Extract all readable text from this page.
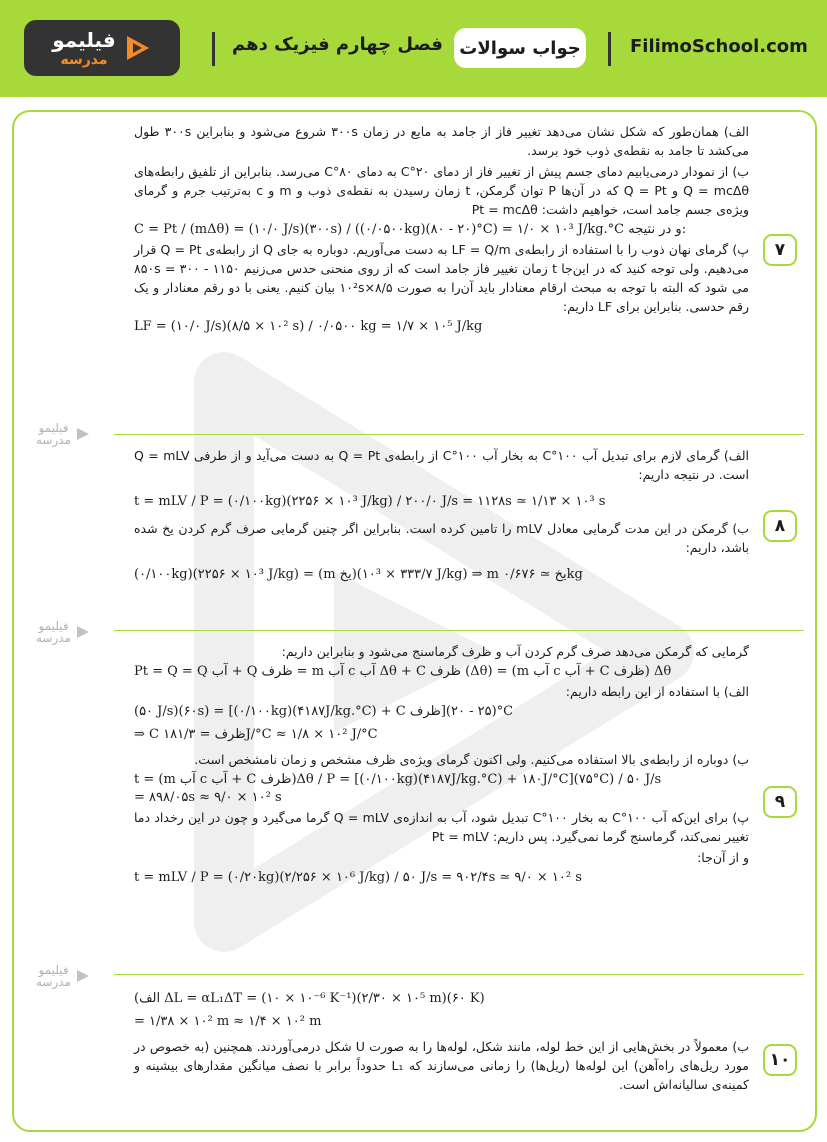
فیلیمو
مدرسه
فصل چهارم فیزیک دهم جواب سوالات	FilimoSchool.com
فیلیمو
مدرسه
فیلیمو
مدرسه
فیلیمو
مدرسه
۷
الف) همان‌طور که شکل نشان می‌دهد تغییر فاز از جامد به مایع در زمان ۳۰۰s شروع می‌شود و بنابراین ۳۰۰s طول می‌کشد تا جامد به نقطه‌ی ذوب خود برسد.
ب) از نمودار درمی‌یابیم دمای جسم پیش از تغییر فاز از دمای ۲۰°C به دمای ۸۰°C می‌رسد. بنابراین از تلفیق رابطه‌های Q = mcΔθ و Q = Pt که در آن‌ها P توان گرمکن، t زمان رسیدن به نقطه‌ی ذوب و m و c به‌ترتیب جرم و گرمای ویژه‌ی جسم جامد است، خواهیم داشت: Pt = mcΔθ
C = Pt / (mΔθ) = (۱۰/۰ J/s)(۳۰۰s) / ((۰/۰۵۰۰kg)(۸۰ - ۲۰)°C) = ۱/۰ × ۱۰³ J/kg.°C و در نتیجه:
پ) گرمای نهان ذوب را با استفاده از رابطه‌ی LF = Q/m به دست می‌آوریم. دوباره به جای Q از رابطه‌ی Q = Pt قرار می‌دهیم. ولی توجه کنید که در این‌جا t زمان تغییر فاز جامد است که از روی منحنی حدس می‌زنیم ۸۵۰s = ۳۰۰ - ۱۱۵۰ می شود که البته با توجه به مبحث ارقام معنادار باید آن‌را به صورت ۸/۵×۱۰²s بیان کنیم. یعنی با دو رقم معنادار و یک رقم حدسی. بنابراین برای LF داریم:
LF = (۱۰/۰ J/s)(۸/۵ × ۱۰² s) / ۰/۰۵۰۰ kg = ۱/۷ × ۱۰⁵ J/kg
۸
الف) گرمای لازم برای تبدیل آب ۱۰۰°C به بخار آب ۱۰۰°C از رابطه‌ی Q = Pt به دست می‌آید و از طرفی Q = mLV است. در نتیجه داریم:
t = mLV / P = (۰/۱۰۰kg)(۲۲۵۶ × ۱۰³ J/kg) / ۲۰۰/۰ J/s = ۱۱۲۸s ≃ ۱/۱۳ × ۱۰³ s
ب) گرمکن در این مدت گرمایی معادل mLV را تامین کرده است. بنابراین اگر چنین گرمایی صرف گرم کردن یخ شده باشد، داریم:
(۰/۱۰۰kg)(۲۲۵۶ × ۱۰³ J/kg) = (m یخ)(۳۳۳/۷ × ۱۰³ J/kg) ⇒ m یخ ≃ ۰/۶۷۶kg
۹
گرمایی که گرمکن می‌دهد صرف گرم کردن آب و ظرف گرماسنج می‌شود و بنابراین داریم:
Pt = Q = Q آب + Q ظرف = m آب c آب Δθ + C ظرف (Δθ) = (m آب c آب + C ظرف) Δθ
الف) با استفاده از این رابطه داریم:
(۵۰ J/s)(۶۰s) = [(۰/۱۰۰kg)(۴۱۸۷J/kg.°C) + C ظرف](۲۵ - ۲۰)°C
⇒ C ظرف = ۱۸۱/۳J/°C ≈ ۱/۸ × ۱۰² J/°C
ب) دوباره از رابطه‌ی بالا استفاده می‌کنیم. ولی اکنون گرمای ویژه‌ی ظرف مشخص و زمان نامشخص است.
t = (m آب c آب + C ظرف)Δθ / P = [(۰/۱۰۰kg)(۴۱۸۷J/kg.°C) + ۱۸۰J/°C](۷۵°C) / ۵۰ J/s
= ۸۹۸/۰۵s ≈ ۹/۰ × ۱۰² s
پ) برای این‌که آب ۱۰۰°C به بخار ۱۰۰°C تبدیل شود، آب به اندازه‌ی Q = mLV گرما می‌گیرد و چون در این رخداد دما تغییر نمی‌کند، گرماسنج گرما نمی‌گیرد. پس داریم: Pt = mLV
و از آن‌جا:
t = mLV / P = (۰/۲۰kg)(۲/۲۵۶ × ۱۰⁶ J/kg) / ۵۰ J/s = ۹۰۲/۴s ≃ ۹/۰ × ۱۰² s
۱۰
(الف ΔL = αL₁ΔT = (۱۰ × ۱۰⁻⁶ K⁻¹)(۲/۳۰ × ۱۰⁵ m)(۶۰ K)
= ۱/۳۸ × ۱۰² m ≈ ۱/۴ × ۱۰² m
ب) معمولاً در بخش‌هایی از این خط لوله، مانند شکل، لوله‌ها را به صورت U شکل درمی‌آوردند. همچنین (به خصوص در مورد ریل‌های راه‌آهن) این لوله‌ها (ریل‌ها) را زمانی می‌سازند که L₁ حدوداً برابر با نصف میانگین مقدارهای بیشینه و کمینه‌ی سالیانه‌اش است.
